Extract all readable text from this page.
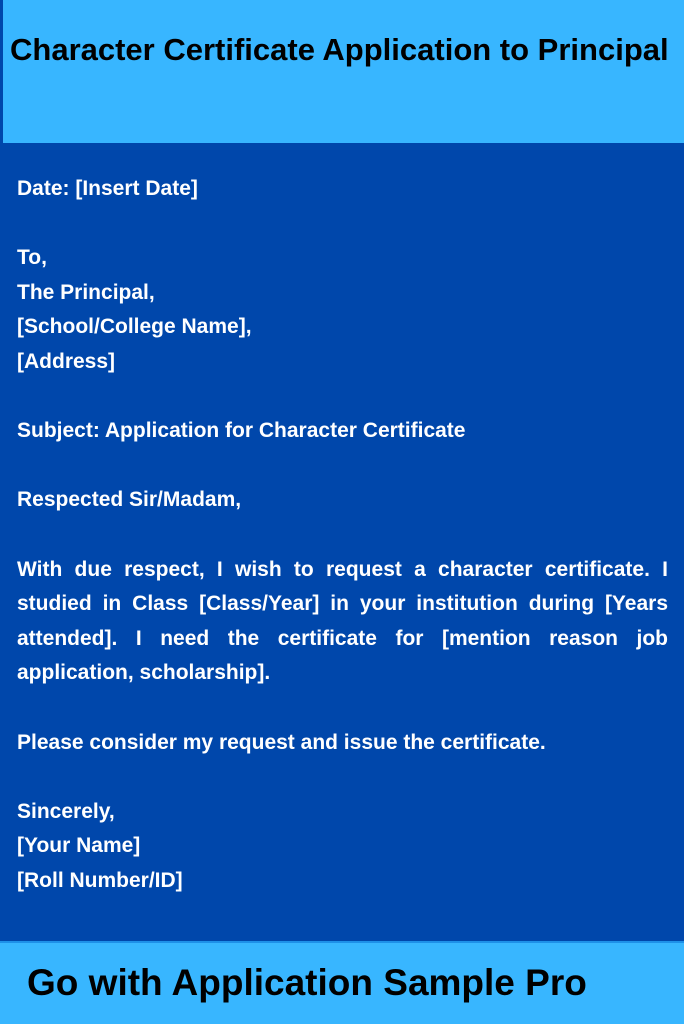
Character Certificate Application to Principal
Date: [Insert Date]
To,
The Principal,
[School/College Name],
[Address]
Subject: Application for Character Certificate
Respected Sir/Madam,
With due respect, I wish to request a character certificate. I studied in Class [Class/Year] in your institution during [Years attended]. I need the certificate for [mention reason job application, scholarship].
Please consider my request and issue the certificate.
Sincerely,
[Your Name]
[Roll Number/ID]
Go with Application Sample Pro
